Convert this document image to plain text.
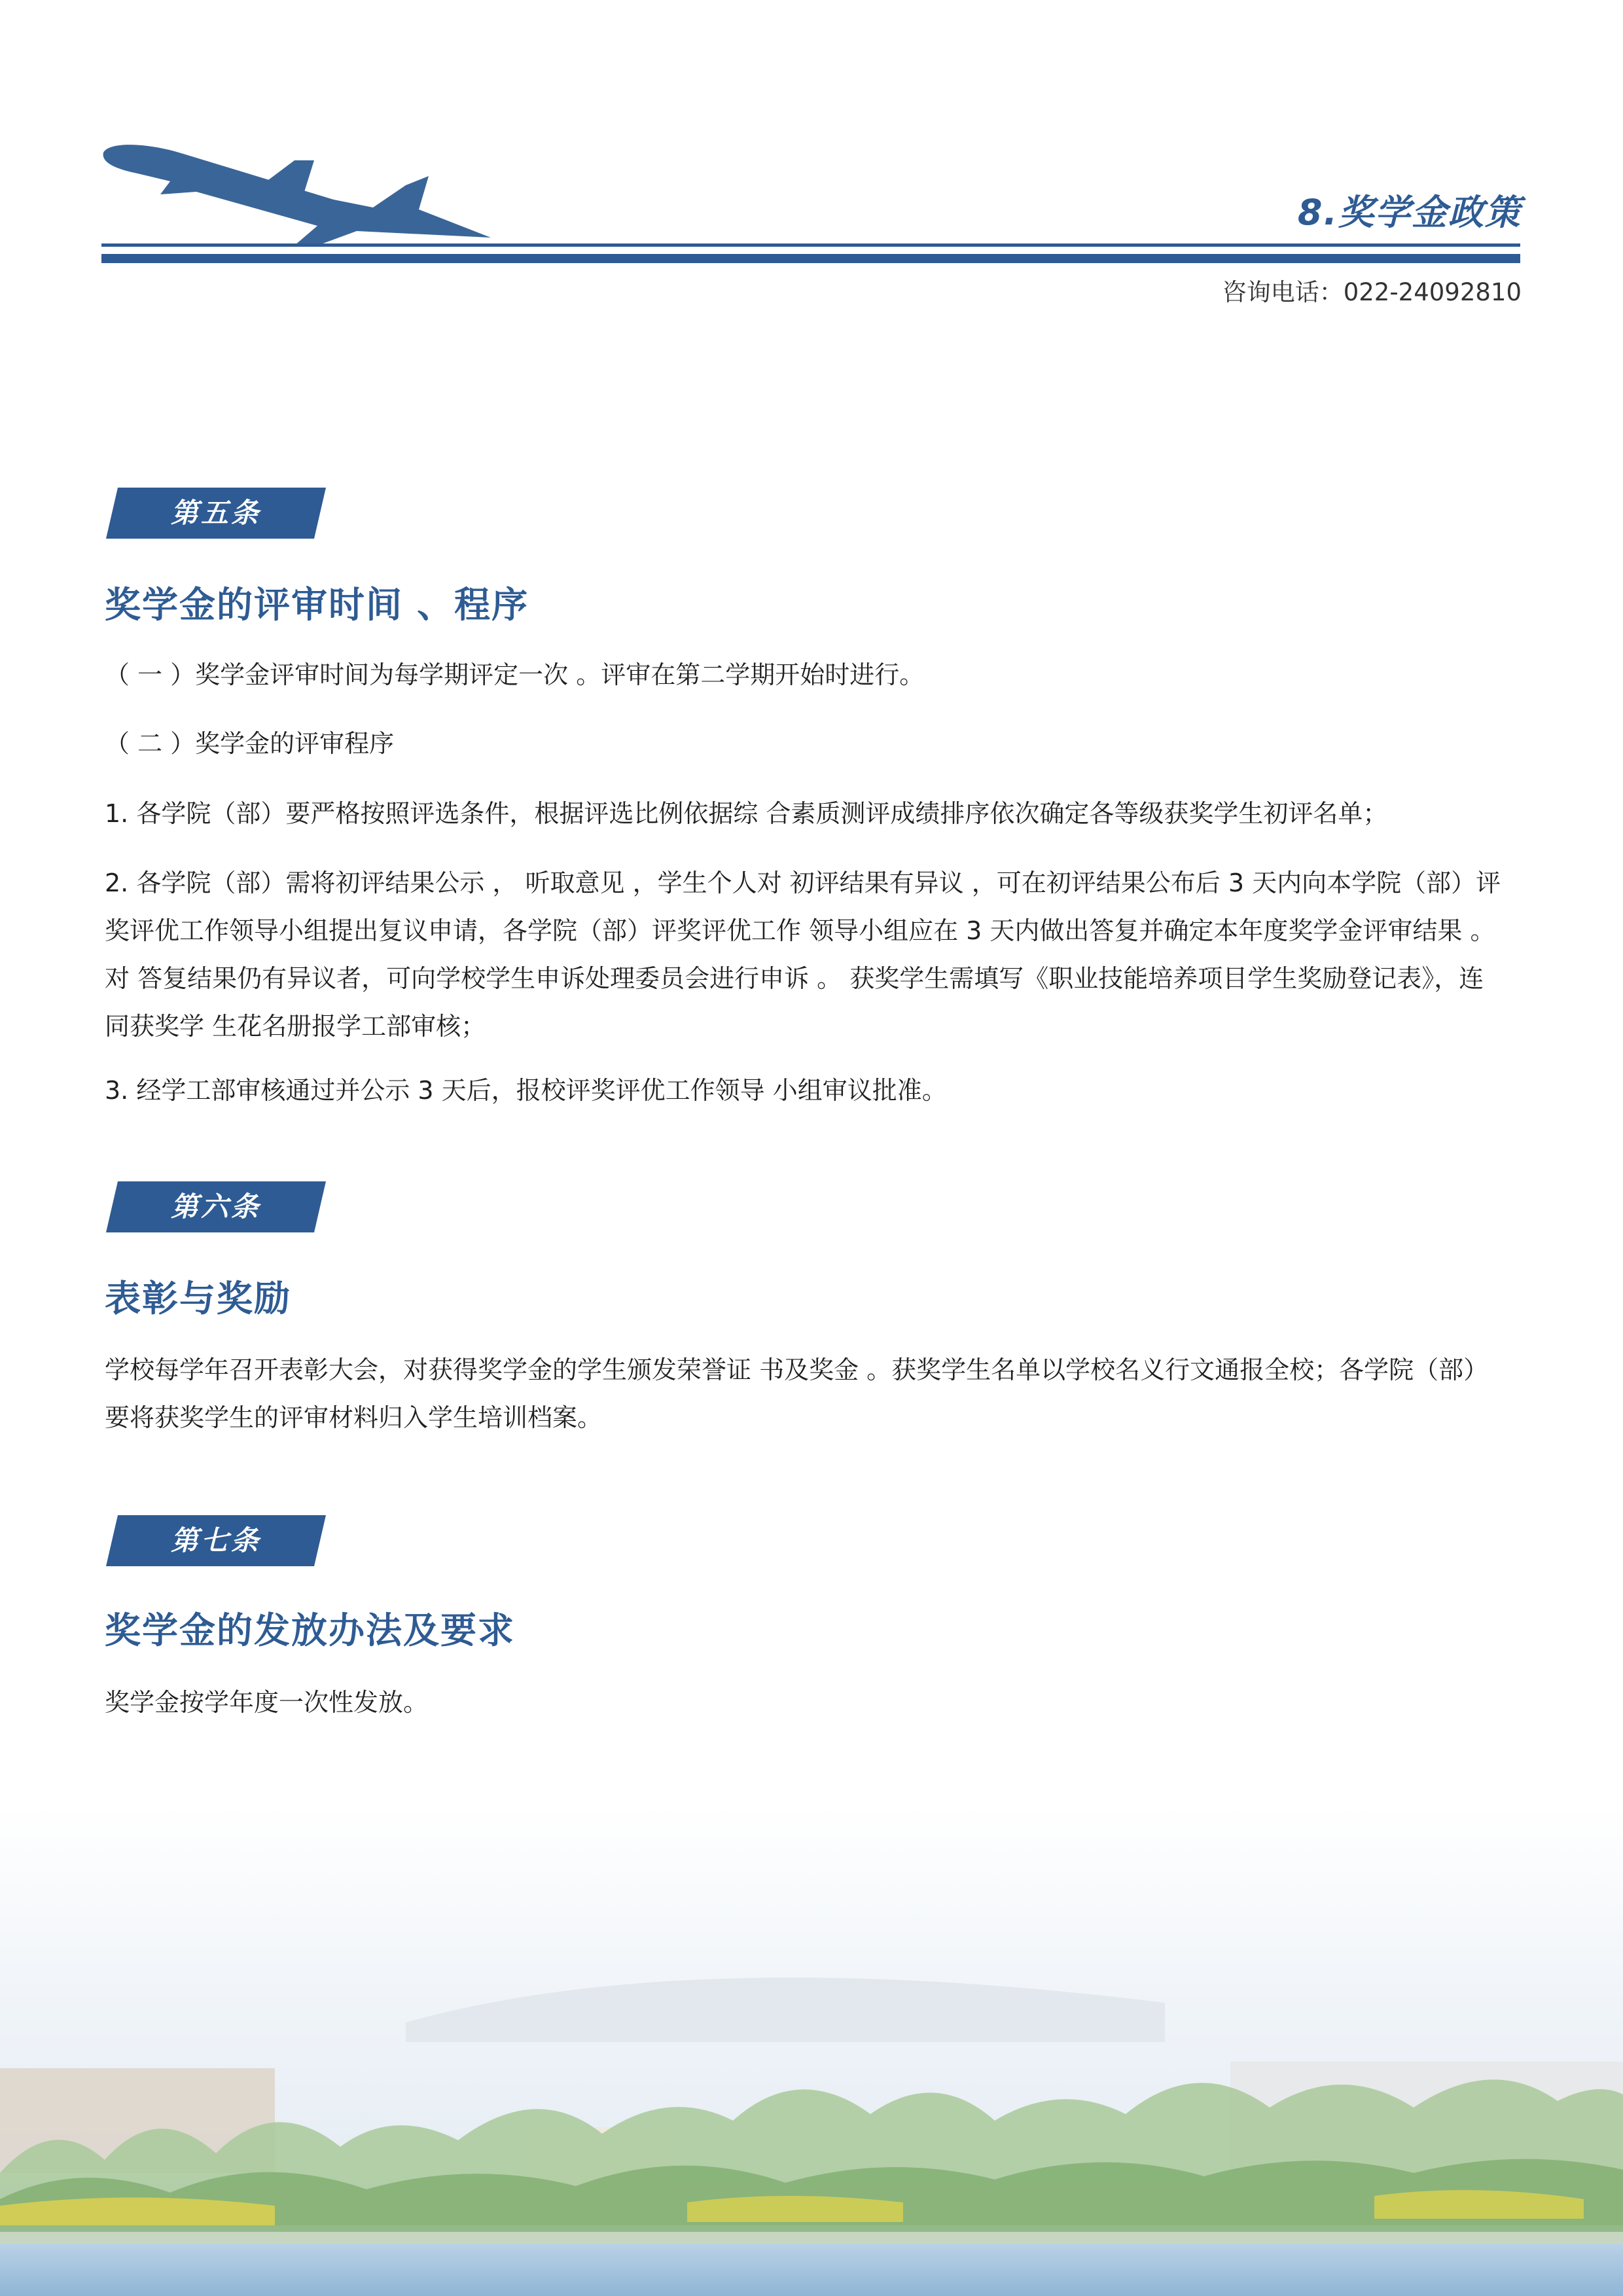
8.奖学金政策
咨询电话：022-24092810
第五条
奖学金的评审时间 、程序
（ 一 ）奖学金评审时间为每学期评定一次 。评审在第二学期开始时进行。
（ 二 ）奖学金的评审程序
1. 各学院（部）要严格按照评选条件，根据评选比例依据综 合素质测评成绩排序依次确定各等级获奖学生初评名单；
2. 各学院（部）需将初评结果公示 ， 听取意见 ，学生个人对 初评结果有异议 ，可在初评结果公布后 3 天内向本学院（部）评 奖评优工作领导小组提出复议申请，各学院（部）评奖评优工作 领导小组应在 3 天内做出答复并确定本年度奖学金评审结果 。对 答复结果仍有异议者，可向学校学生申诉处理委员会进行申诉 。 获奖学生需填写《职业技能培养项目学生奖励登记表》，连同获奖学 生花名册报学工部审核；
3. 经学工部审核通过并公示 3 天后，报校评奖评优工作领导 小组审议批准。
第六条
表彰与奖励
学校每学年召开表彰大会，对获得奖学金的学生颁发荣誉证 书及奖金 。获奖学生名单以学校名义行文通报全校；各学院（部） 要将获奖学生的评审材料归入学生培训档案。
第七条
奖学金的发放办法及要求
奖学金按学年度一次性发放。
